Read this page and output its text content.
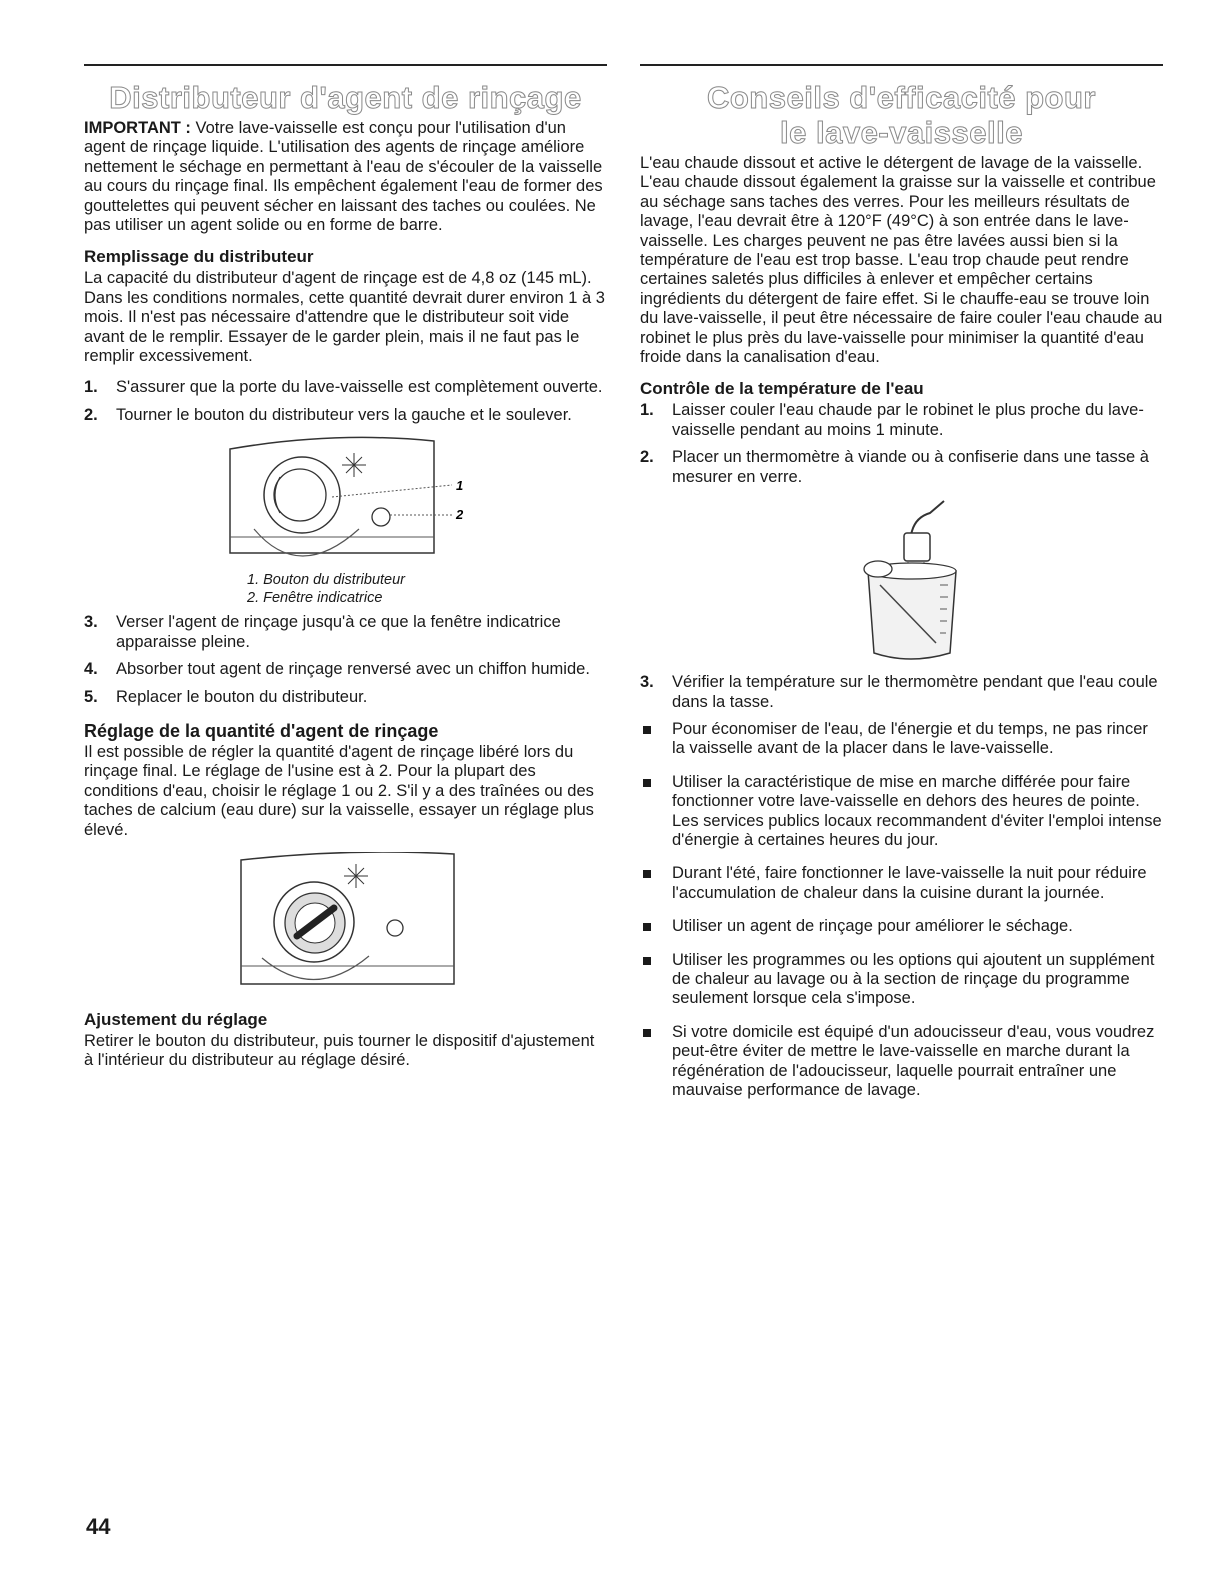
Distributeur d'agent de rinçage

IMPORTANT : Votre lave-vaisselle est conçu pour l'utilisation d'un agent de rinçage liquide. L'utilisation des agents de rinçage améliore nettement le séchage en permettant à l'eau de s'écouler de la vaisselle au cours du rinçage final. Ils empêchent également l'eau de former des gouttelettes qui peuvent sécher en laissant des taches ou coulées. Ne pas utiliser un agent solide ou en forme de barre.

Remplissage du distributeur

La capacité du distributeur d'agent de rinçage est de 4,8 oz (145 mL). Dans les conditions normales, cette quantité devrait durer environ 1 à 3 mois. Il n'est pas nécessaire d'attendre que le distributeur soit vide avant de le remplir. Essayer de le garder plein, mais il ne faut pas le remplir excessivement.

1. S'assurer que la porte du lave-vaisselle est complètement ouverte.
2. Tourner le bouton du distributeur vers la gauche et le soulever.
1
2
1. Bouton du distributeur
2. Fenêtre indicatrice
3. Verser l'agent de rinçage jusqu'à ce que la fenêtre indicatrice apparaisse pleine.
4. Absorber tout agent de rinçage renversé avec un chiffon humide.
5. Replacer le bouton du distributeur.
Réglage de la quantité d'agent de rinçage

Il est possible de régler la quantité d'agent de rinçage libéré lors du rinçage final. Le réglage de l'usine est à 2. Pour la plupart des conditions d'eau, choisir le réglage 1 ou 2. S'il y a des traînées ou des taches de calcium (eau dure) sur la vaisselle, essayer un réglage plus élevé.

Ajustement du réglage

Retirer le bouton du distributeur, puis tourner le dispositif d'ajustement à l'intérieur du distributeur au réglage désiré.

Conseils d'efficacité pour
le lave-vaisselle

L'eau chaude dissout et active le détergent de lavage de la vaisselle. L'eau chaude dissout également la graisse sur la vaisselle et contribue au séchage sans taches des verres. Pour les meilleurs résultats de lavage, l'eau devrait être à 120°F (49°C) à son entrée dans le lave-vaisselle. Les charges peuvent ne pas être lavées aussi bien si la température de l'eau est trop basse. L'eau trop chaude peut rendre certaines saletés plus difficiles à enlever et empêcher certains ingrédients du détergent de faire effet. Si le chauffe-eau se trouve loin du lave-vaisselle, il peut être nécessaire de faire couler l'eau chaude au robinet le plus près du lave-vaisselle pour minimiser la quantité d'eau froide dans la canalisation d'eau.

Contrôle de la température de l'eau
1. Laisser couler l'eau chaude par le robinet le plus proche du lave-vaisselle pendant au moins 1 minute.
2. Placer un thermomètre à viande ou à confiserie dans une tasse à mesurer en verre.
3. Vérifier la température sur le thermomètre pendant que l'eau coule dans la tasse.
Pour économiser de l'eau, de l'énergie et du temps, ne pas rincer la vaisselle avant de la placer dans le lave-vaisselle.
Utiliser la caractéristique de mise en marche différée pour faire fonctionner votre lave-vaisselle en dehors des heures de pointe. Les services publics locaux recommandent d'éviter l'emploi intense d'énergie à certaines heures du jour.
Durant l'été, faire fonctionner le lave-vaisselle la nuit pour réduire l'accumulation de chaleur dans la cuisine durant la journée.
Utiliser un agent de rinçage pour améliorer le séchage.
Utiliser les programmes ou les options qui ajoutent un supplément de chaleur au lavage ou à la section de rinçage du programme seulement lorsque cela s'impose.
Si votre domicile est équipé d'un adoucisseur d'eau, vous voudrez peut-être éviter de mettre le lave-vaisselle en marche durant la régénération de l'adoucisseur, laquelle pourrait entraîner une mauvaise performance de lavage.
44
